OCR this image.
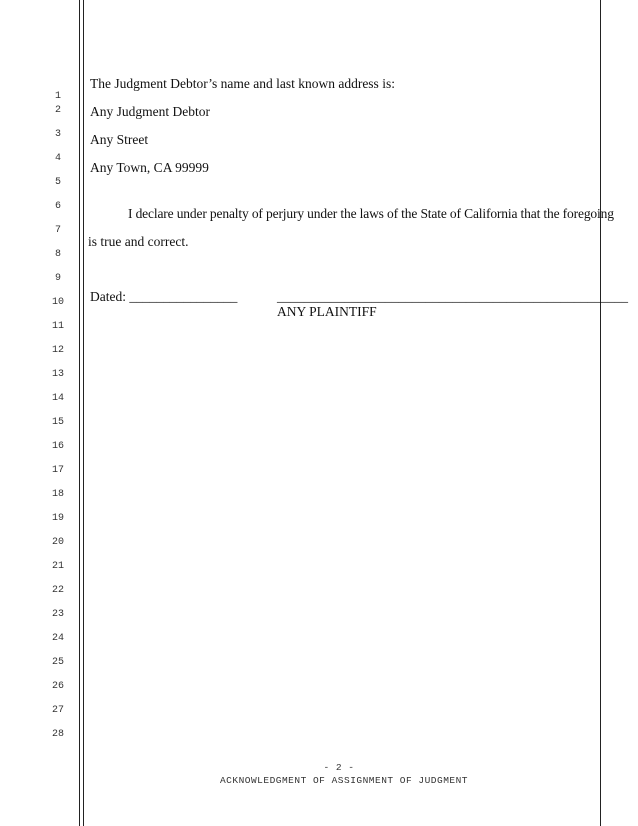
1
2
3
4
5
6
7
8
9
10
11
12
13
14
15
16
17
18
19
20
21
22
23
24
25
26
27
28
The Judgment Debtor’s name and last known address is:
Any Judgment Debtor
Any Street
Any Town, CA 99999
I declare under penalty of perjury under the laws of the State of California that the foregoing
is true and correct.
Dated: ________________	____________________________________________________
ANY PLAINTIFF
- 2 -
ACKNOWLEDGMENT OF ASSIGNMENT OF JUDGMENT
